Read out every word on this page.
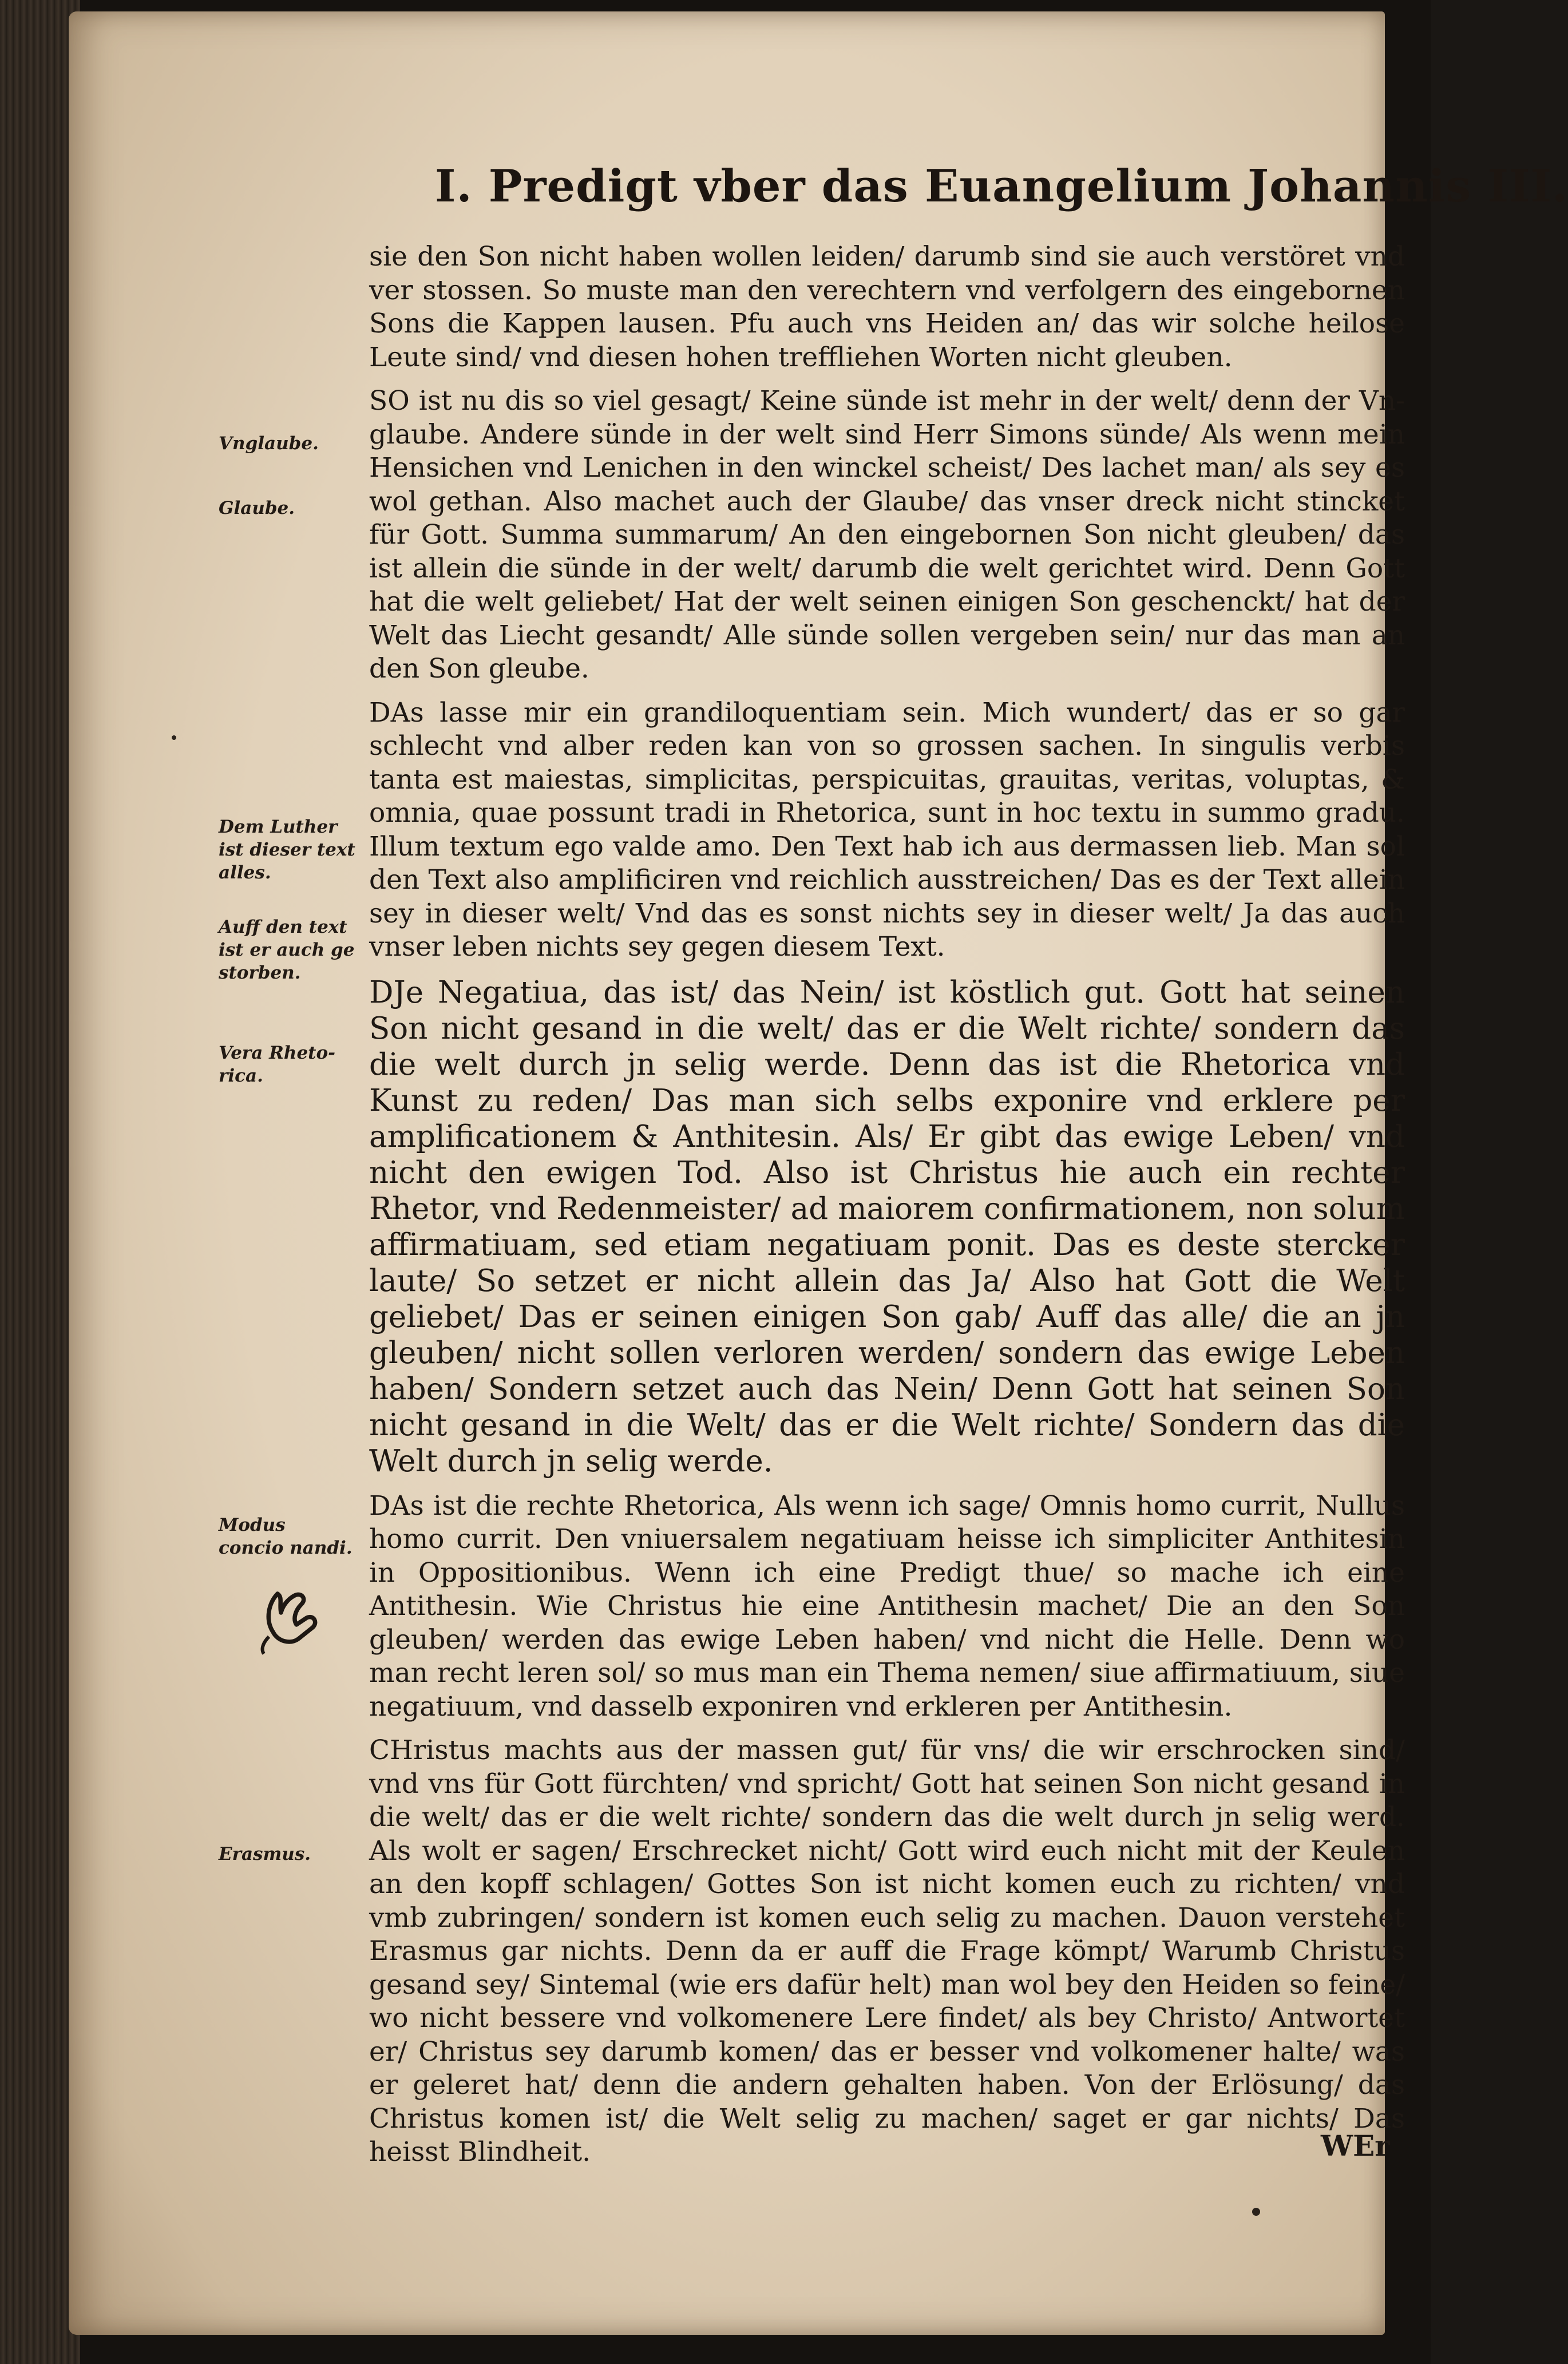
I. Predigt vber das Euangelium Johannis III.
Vnglaube.
Glaube.
Dem Luther ist dieser text alles.
Auff den text ist er auch ge storben.
Vera Rheto- rica.
Modus concio nandi.
Erasmus.

sie den Son nicht haben wollen leiden/ darumb sind sie auch verstöret vnd ver stossen. So muste man den verechtern vnd verfolgern des eingebornen Sons die Kappen lausen. Pfu auch vns Heiden an/ das wir solche heilose Leute sind/ vnd diesen hohen treffliehen Worten nicht gleuben.

SO ist nu dis so viel gesagt/ Keine sünde ist mehr in der welt/ denn der Vn- glaube. Andere sünde in der welt sind Herr Simons sünde/ Als wenn mein Hensichen vnd Lenichen in den winckel scheist/ Des lachet man/ als sey es wol gethan. Also machet auch der Glaube/ das vnser dreck nicht stincket für Gott. Summa summarum/ An den eingebornen Son nicht gleuben/ das ist allein die sünde in der welt/ darumb die welt gerichtet wird. Denn Gott hat die welt geliebet/ Hat der welt seinen einigen Son geschenckt/ hat der Welt das Liecht gesandt/ Alle sünde sollen vergeben sein/ nur das man an den Son gleube.

DAs lasse mir ein grandiloquentiam sein. Mich wundert/ das er so gar schlecht vnd alber reden kan von so grossen sachen. In singulis verbis tanta est maiestas, simplicitas, perspicuitas, grauitas, veritas, voluptas, & omnia, quae possunt tradi in Rhetorica, sunt in hoc textu in summo gradu. Illum textum ego valde amo. Den Text hab ich aus dermassen lieb. Man sol den Text also amplificiren vnd reichlich ausstreichen/ Das es der Text allein sey in dieser welt/ Vnd das es sonst nichts sey in dieser welt/ Ja das auch vnser leben nichts sey gegen diesem Text.

DJe Negatiua, das ist/ das Nein/ ist köstlich gut. Gott hat seinen Son nicht gesand in die welt/ das er die Welt richte/ sondern das die welt durch jn selig werde. Denn das ist die Rhetorica vnd Kunst zu reden/ Das man sich selbs exponire vnd erklere per amplificationem & Anthitesin. Als/ Er gibt das ewige Leben/ vnd nicht den ewigen Tod. Also ist Christus hie auch ein rechter Rhetor, vnd Redenmeister/ ad maiorem confirmationem, non solum affirmatiuam, sed etiam negatiuam ponit. Das es deste stercker laute/ So setzet er nicht allein das Ja/ Also hat Gott die Welt geliebet/ Das er seinen einigen Son gab/ Auff das alle/ die an jn gleuben/ nicht sollen verloren werden/ sondern das ewige Leben haben/ Sondern setzet auch das Nein/ Denn Gott hat seinen Son nicht gesand in die Welt/ das er die Welt richte/ Sondern das die Welt durch jn selig werde.

DAs ist die rechte Rhetorica, Als wenn ich sage/ Omnis homo currit, Nullus homo currit. Den vniuersalem negatiuam heisse ich simpliciter Anthitesin in Oppositionibus. Wenn ich eine Predigt thue/ so mache ich eine Antithesin. Wie Christus hie eine Antithesin machet/ Die an den Son gleuben/ werden das ewige Leben haben/ vnd nicht die Helle. Denn wo man recht leren sol/ so mus man ein Thema nemen/ siue affirmatiuum, siue negatiuum, vnd dasselb exponiren vnd erkleren per Antithesin.

CHristus machts aus der massen gut/ für vns/ die wir erschrocken sind/ vnd vns für Gott fürchten/ vnd spricht/ Gott hat seinen Son nicht gesand in die welt/ das er die welt richte/ sondern das die welt durch jn selig werd. Als wolt er sagen/ Erschrecket nicht/ Gott wird euch nicht mit der Keulen an den kopff schlagen/ Gottes Son ist nicht komen euch zu richten/ vnd vmb zubringen/ sondern ist komen euch selig zu machen. Dauon verstehet Erasmus gar nichts. Denn da er auff die Frage kömpt/ Warumb Christus gesand sey/ Sintemal (wie ers dafür helt) man wol bey den Heiden so feine/ wo nicht bessere vnd volkomenere Lere findet/ als bey Christo/ Antwortet er/ Christus sey darumb komen/ das er besser vnd volkomener halte/ was er geleret hat/ denn die andern gehalten haben. Von der Erlösung/ das Christus komen ist/ die Welt selig zu machen/ saget er gar nichts/ Das heisst Blindheit.	WEr
